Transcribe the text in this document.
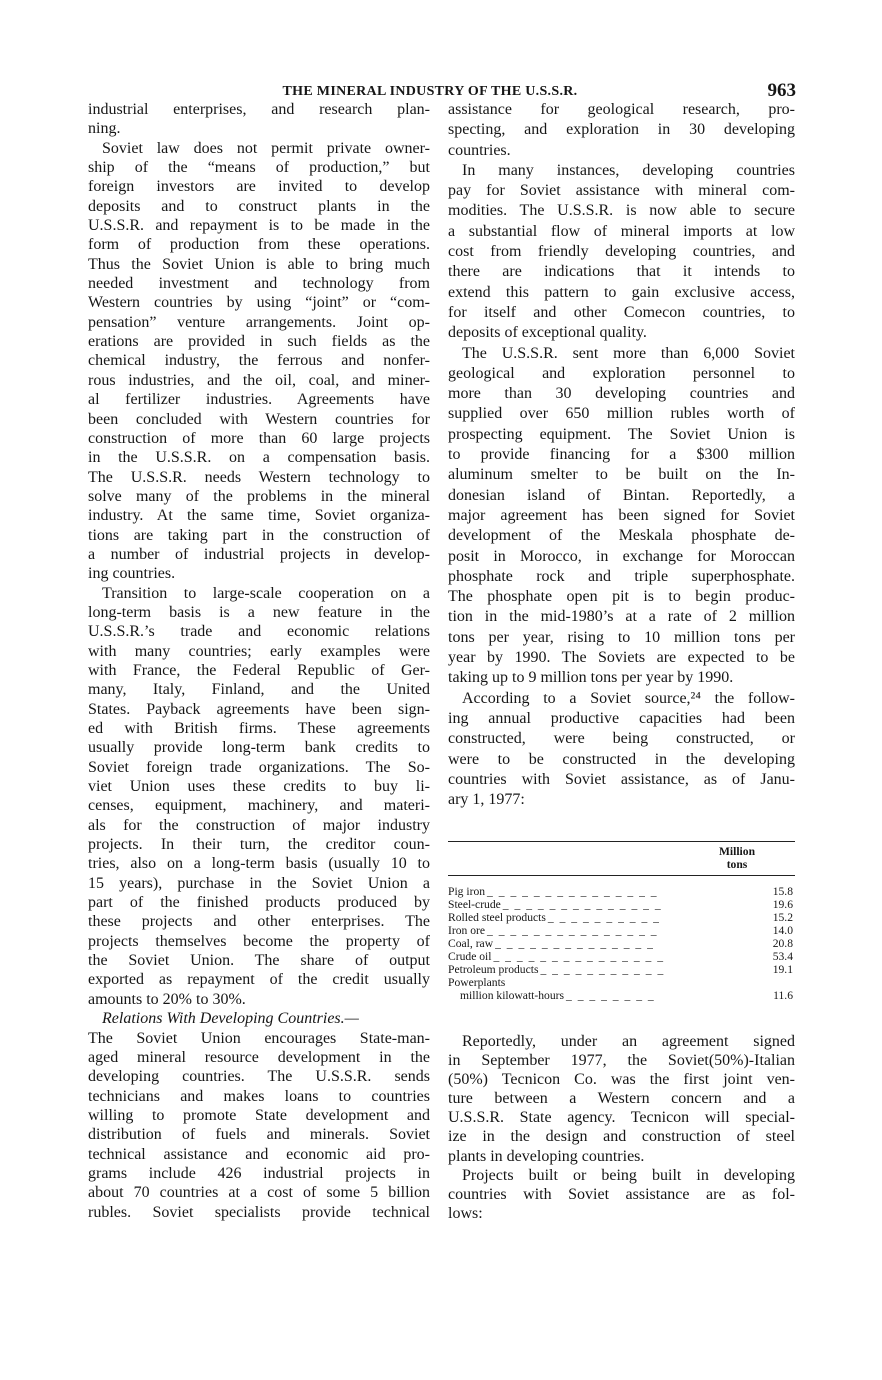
THE MINERAL INDUSTRY OF THE U.S.S.R.	963
industrial enterprises, and research plan-
ning.
Soviet law does not permit private owner-
ship of the “means of production,” but
foreign investors are invited to develop
deposits and to construct plants in the
U.S.S.R. and repayment is to be made in the
form of production from these operations.
Thus the Soviet Union is able to bring much
needed investment and technology from
Western countries by using “joint” or “com-
pensation” venture arrangements. Joint op-
erations are provided in such fields as the
chemical industry, the ferrous and nonfer-
rous industries, and the oil, coal, and miner-
al fertilizer industries. Agreements have
been concluded with Western countries for
construction of more than 60 large projects
in the U.S.S.R. on a compensation basis.
The U.S.S.R. needs Western technology to
solve many of the problems in the mineral
industry. At the same time, Soviet organiza-
tions are taking part in the construction of
a number of industrial projects in develop-
ing countries.
Transition to large-scale cooperation on a
long-term basis is a new feature in the
U.S.S.R.’s trade and economic relations
with many countries; early examples were
with France, the Federal Republic of Ger-
many, Italy, Finland, and the United
States. Payback agreements have been sign-
ed with British firms. These agreements
usually provide long-term bank credits to
Soviet foreign trade organizations. The So-
viet Union uses these credits to buy li-
censes, equipment, machinery, and materi-
als for the construction of major industry
projects. In their turn, the creditor coun-
tries, also on a long-term basis (usually 10 to
15 years), purchase in the Soviet Union a
part of the finished products produced by
these projects and other enterprises. The
projects themselves become the property of
the Soviet Union. The share of output
exported as repayment of the credit usually
amounts to 20% to 30%.
Relations With Developing Countries.—
The Soviet Union encourages State-man-
aged mineral resource development in the
developing countries. The U.S.S.R. sends
technicians and makes loans to countries
willing to promote State development and
distribution of fuels and minerals. Soviet
technical assistance and economic aid pro-
grams include 426 industrial projects in
about 70 countries at a cost of some 5 billion
rubles. Soviet specialists provide technical
assistance for geological research, pro-
specting, and exploration in 30 developing
countries.
In many instances, developing countries
pay for Soviet assistance with mineral com-
modities. The U.S.S.R. is now able to secure
a substantial flow of mineral imports at low
cost from friendly developing countries, and
there are indications that it intends to
extend this pattern to gain exclusive access,
for itself and other Comecon countries, to
deposits of exceptional quality.
The U.S.S.R. sent more than 6,000 Soviet
geological and exploration personnel to
more than 30 developing countries and
supplied over 650 million rubles worth of
prospecting equipment. The Soviet Union is
to provide financing for a $300 million
aluminum smelter to be built on the In-
donesian island of Bintan. Reportedly, a
major agreement has been signed for Soviet
development of the Meskala phosphate de-
posit in Morocco, in exchange for Moroccan
phosphate rock and triple superphosphate.
The phosphate open pit is to begin produc-
tion in the mid-1980’s at a rate of 2 million
tons per year, rising to 10 million tons per
year by 1990. The Soviets are expected to be
taking up to 9 million tons per year by 1990.
According to a Soviet source,²⁴ the follow-
ing annual productive capacities had been
constructed, were being constructed, or
were to be constructed in the developing
countries with Soviet assistance, as of Janu-
ary 1, 1977:
Million
tons
Pig iron _ _ _ _ _ _ _ _ _ _ _ _ _ _ _	15.8
Steel-crude _ _ _ _ _ _ _ _ _ _ _ _ _ _	19.6
Rolled steel products _ _ _ _ _ _ _ _ _ _	15.2
Iron ore _ _ _ _ _ _ _ _ _ _ _ _ _ _ _	14.0
Coal, raw _ _ _ _ _ _ _ _ _ _ _ _ _ _	20.8
Crude oil _ _ _ _ _ _ _ _ _ _ _ _ _ _ _	53.4
Petroleum products _ _ _ _ _ _ _ _ _ _ _	19.1
Powerplants
million kilowatt-hours _ _ _ _ _ _ _ _	11.6
Reportedly, under an agreement signed
in September 1977, the Soviet(50%)-Italian
(50%) Tecnicon Co. was the first joint ven-
ture between a Western concern and a
U.S.S.R. State agency. Tecnicon will special-
ize in the design and construction of steel
plants in developing countries.
Projects built or being built in developing
countries with Soviet assistance are as fol-
lows:
